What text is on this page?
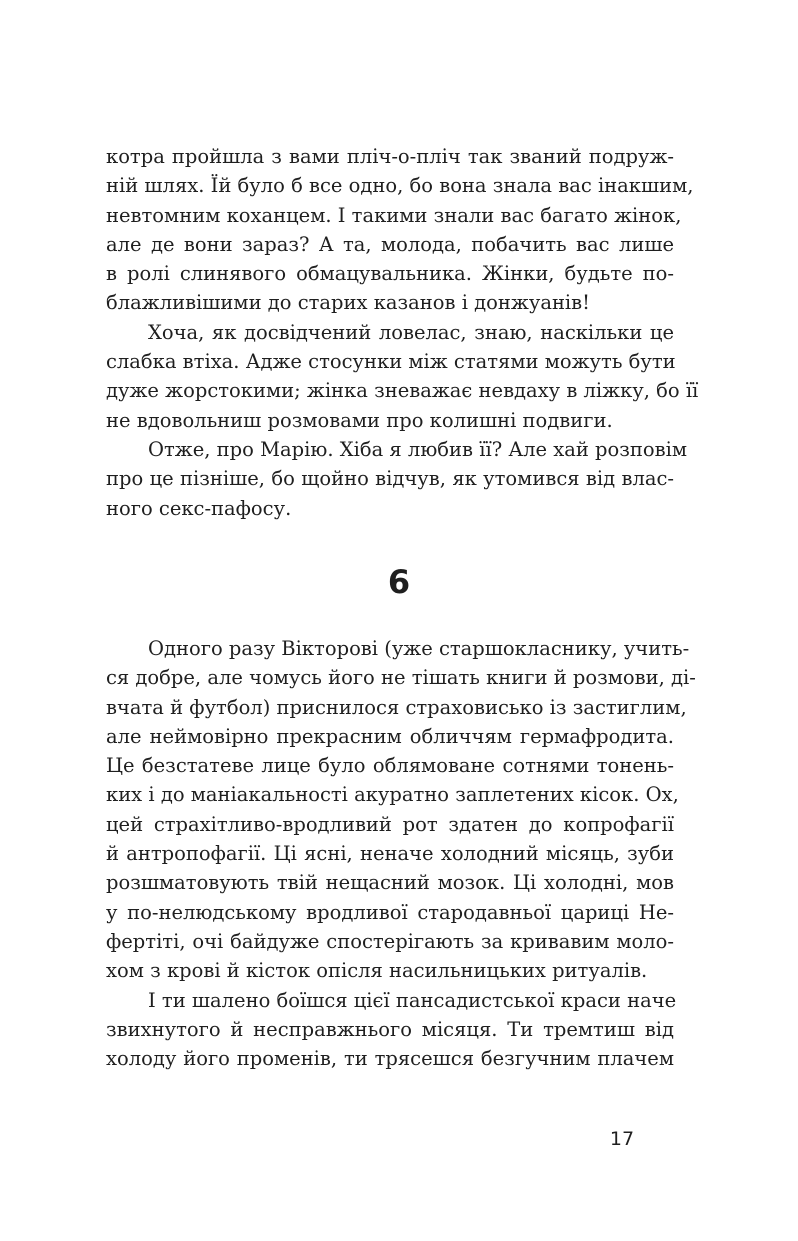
котра пройшла з вами пліч-о-пліч так званий подруж-
ній шлях. Їй було б все одно, бо вона знала вас інакшим,
невтомним коханцем. І такими знали вас багато жінок,
але де вони зараз? А та, молода, побачить вас лише
в ролі слинявого обмацувальника. Жінки, будьте по-
блажливішими до старих казанов і донжуанів!
Хоча, як досвідчений ловелас, знаю, наскільки це
слабка втіха. Адже стосунки між статями можуть бути
дуже жорстокими; жінка зневажає невдаху в ліжку, бо її
не вдовольниш розмовами про колишні подвиги.
Отже, про Марію. Хіба я любив її? Але хай розповім
про це пізніше, бо щойно відчув, як утомився від влас-
ного секс-пафосу.
6
Одного разу Вікторові (уже старшокласнику, учить-
ся добре, але чомусь його не тішать книги й розмови, ді-
вчата й футбол) приснилося страховисько із застиглим,
але неймовірно прекрасним обличчям гермафродита.
Це безстатеве лице було облямоване сотнями тонень-
ких і до маніакальності акуратно заплетених кісок. Ох,
цей страхітливо-вродливий рот здатен до копрофагії
й антропофагії. Ці ясні, неначе холодний місяць, зуби
розшматовують твій нещасний мозок. Ці холодні, мов
у по-нелюдському вродливої стародавньої цариці Не-
фертіті, очі байдуже спостерігають за кривавим моло-
хом з крові й кісток опісля насильницьких ритуалів.
І ти шалено боїшся цієї пансадистської краси наче
звихнутого й несправжнього місяця. Ти тремтиш від
холоду його променів, ти трясешся безгучним плачем
17
